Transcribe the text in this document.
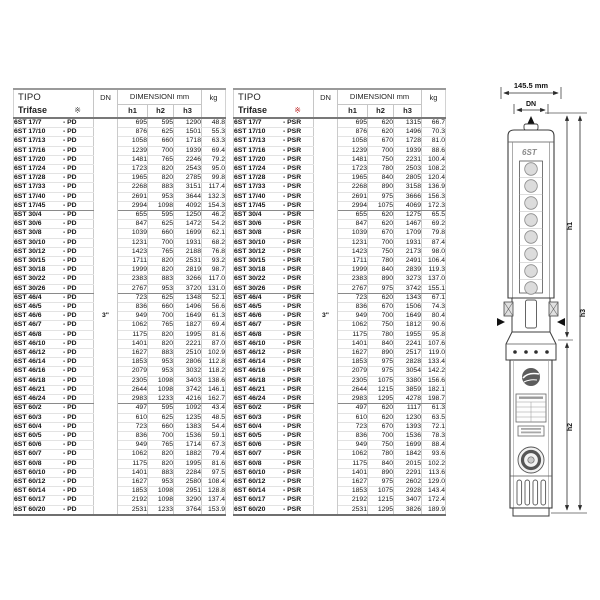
TIPO
Trifase ※	DN	DIMENSIONI mm			kg
		h1	h2	h3	
6ST 17/7 - PD	3"	695	595	1290	48.8
6ST 17/10 - PD		876	625	1501	55.3
6ST 17/13 - PD		1058	660	1718	63.3
6ST 17/16 - PD		1239	700	1939	69.4
6ST 17/20 - PD		1481	765	2246	79.2
6ST 17/24 - PD		1723	820	2543	95.0
6ST 17/28 - PD		1965	820	2785	99.8
6ST 17/33 - PD		2268	883	3151	117.4
6ST 17/40 - PD		2691	953	3644	132.3
6ST 17/45 - PD		2994	1098	4092	154.3
6ST 30/4 - PD		655	595	1250	46.2
6ST 30/6 - PD		847	625	1472	54.2
6ST 30/8 - PD		1039	660	1699	62.1
6ST 30/10 - PD		1231	700	1931	68.2
6ST 30/12 - PD		1423	765	2188	76.8
6ST 30/15 - PD		1711	820	2531	93.2
6ST 30/18 - PD		1999	820	2819	98.7
6ST 30/22 - PD		2383	883	3266	117.0
6ST 30/26 - PD		2767	953	3720	131.0
6ST 46/4 - PD		723	625	1348	52.1
6ST 46/5 - PD		836	660	1496	56.6
6ST 46/6 - PD		949	700	1649	61.3
6ST 46/7 - PD		1062	765	1827	69.4
6ST 46/8 - PD		1175	820	1995	81.6
6ST 46/10 - PD		1401	820	2221	87.0
6ST 46/12 - PD		1627	883	2510	102.9
6ST 46/14 - PD		1853	953	2806	112.8
6ST 46/16 - PD		2079	953	3032	118.2
6ST 46/18 - PD		2305	1098	3403	138.6
6ST 46/21 - PD		2644	1098	3742	146.1
6ST 46/24 - PD		2983	1233	4216	162.7
6ST 60/2 - PD		497	595	1092	43.4
6ST 60/3 - PD		610	625	1235	48.5
6ST 60/4 - PD		723	660	1383	54.4
6ST 60/5 - PD		836	700	1536	59.1
6ST 60/6 - PD		949	765	1714	67.3
6ST 60/7 - PD		1062	820	1882	79.4
6ST 60/8 - PD		1175	820	1995	81.6
6ST 60/10 - PD		1401	883	2284	97.5
6ST 60/12 - PD		1627	953	2580	108.4
6ST 60/14 - PD		1853	1098	2951	128.8
6ST 60/17 - PD		2192	1098	3290	137.4
6ST 60/20 - PD		2531	1233	3764	153.9
TIPO
Trifase ※	DN	DIMENSIONI mm			kg
		h1	h2	h3	
6ST 17/7 - PSR	3"	695	620	1315	66.7
6ST 17/10 - PSR		876	620	1496	70.3
6ST 17/13 - PSR		1058	670	1728	81.0
6ST 17/16 - PSR		1239	700	1939	88.6
6ST 17/20 - PSR		1481	750	2231	100.4
6ST 17/24 - PSR		1723	780	2503	108.2
6ST 17/28 - PSR		1965	840	2805	120.4
6ST 17/33 - PSR		2268	890	3158	136.9
6ST 17/40 - PSR		2691	975	3666	156.3
6ST 17/45 - PSR		2994	1075	4069	172.3
6ST 30/4 - PSR		655	620	1275	65.5
6ST 30/6 - PSR		847	620	1467	69.2
6ST 30/8 - PSR		1039	670	1709	79.8
6ST 30/10 - PSR		1231	700	1931	87.4
6ST 30/12 - PSR		1423	750	2173	98.0
6ST 30/15 - PSR		1711	780	2491	106.4
6ST 30/18 - PSR		1999	840	2839	119.3
6ST 30/22 - PSR		2383	890	3273	137.0
6ST 30/26 - PSR		2767	975	3742	155.1
6ST 46/4 - PSR		723	620	1343	67.1
6ST 46/5 - PSR		836	670	1506	74.3
6ST 46/6 - PSR		949	700	1649	80.4
6ST 46/7 - PSR		1062	750	1812	90.6
6ST 46/8 - PSR		1175	780	1955	95.8
6ST 46/10 - PSR		1401	840	2241	107.6
6ST 46/12 - PSR		1627	890	2517	119.0
6ST 46/14 - PSR		1853	975	2828	133.4
6ST 46/16 - PSR		2079	975	3054	142.2
6ST 46/18 - PSR		2305	1075	3380	156.6
6ST 46/21 - PSR		2644	1215	3859	182.1
6ST 46/24 - PSR		2983	1295	4278	198.7
6ST 60/2 - PSR		497	620	1117	61.3
6ST 60/3 - PSR		610	620	1230	63.5
6ST 60/4 - PSR		723	670	1393	72.1
6ST 60/5 - PSR		836	700	1536	78.3
6ST 60/6 - PSR		949	750	1699	88.4
6ST 60/7 - PSR		1062	780	1842	93.6
6ST 60/8 - PSR		1175	840	2015	102.2
6ST 60/10 - PSR		1401	890	2291	113.6
6ST 60/12 - PSR		1627	975	2602	129.0
6ST 60/14 - PSR		1853	1075	2928	143.4
6ST 60/17 - PSR		2192	1215	3407	172.4
6ST 60/20 - PSR		2531	1295	3826	189.9
145.5 mm
DN
6ST
h1
h2
h3
